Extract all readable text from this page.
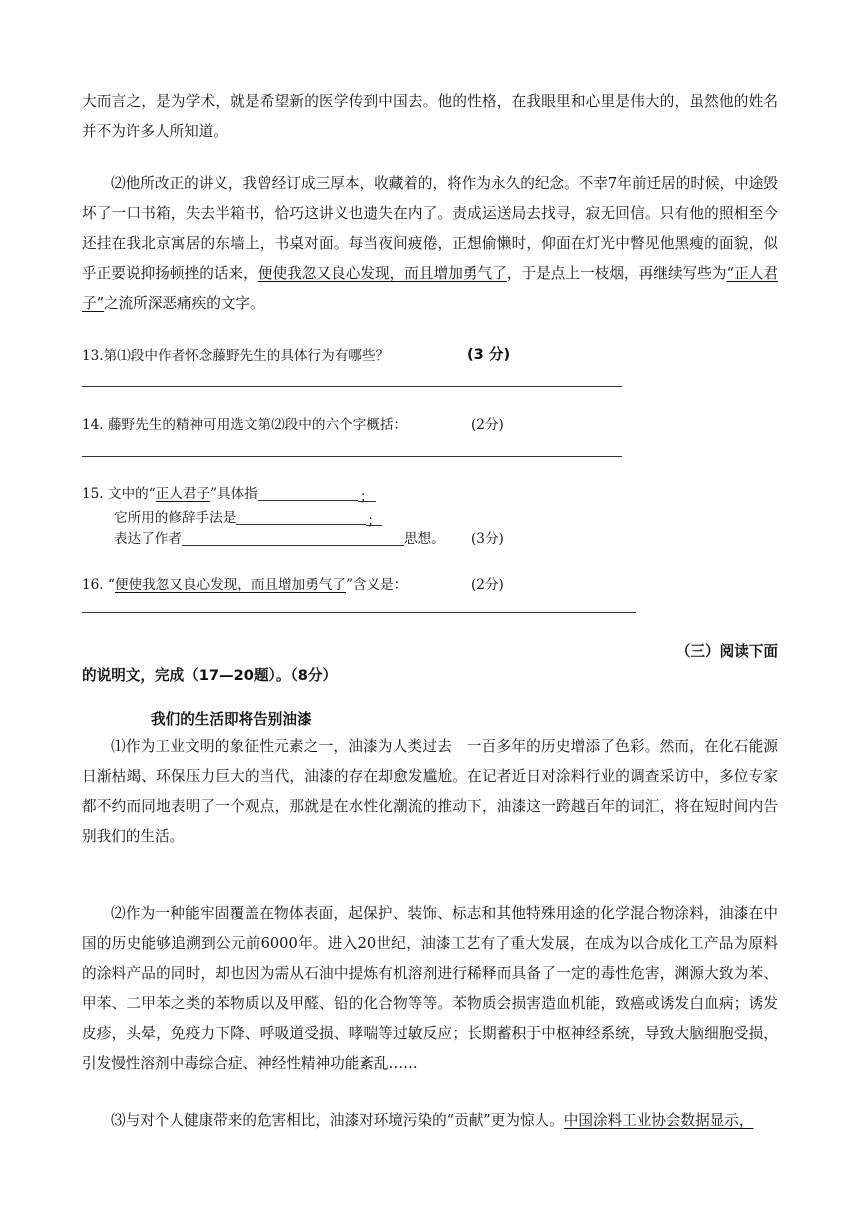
大而言之，是为学术，就是希望新的医学传到中国去。他的性格，在我眼里和心里是伟大的，虽然他的姓名并不为许多人所知道。

⑵他所改正的讲义，我曾经订成三厚本，收藏着的，将作为永久的纪念。不幸7年前迁居的时候，中途毁坏了一口书箱，失去半箱书，恰巧这讲义也遗失在内了。责成运送局去找寻，寂无回信。只有他的照相至今还挂在我北京寓居的东墙上，书桌对面。每当夜间疲倦，正想偷懒时，仰面在灯光中瞥见他黑瘦的面貌，似乎正要说抑扬顿挫的话来，便使我忽又良心发现，而且增加勇气了，于是点上一枝烟，再继续写些为“正人君子”之流所深恶痛疾的文字。

13.第⑴段中作者怀念藤野先生的具体行为有哪些？	(3 分)
14. 藤野先生的精神可用选文第⑵段中的六个字概括：	(2分)
15. 文中的“正人君子”具体指	；
它所用的修辞手法是	；
表达了作者	思想。 (3分)
16. “便使我忽又良心发现，而且增加勇气了”含义是：	(2分)
（三）阅读下面
的说明文，完成（17—20题）。（8分）
我们的生活即将告别油漆

⑴作为工业文明的象征性元素之一，油漆为人类过去　一百多年的历史增添了色彩。然而，在化石能源日渐枯竭、环保压力巨大的当代，油漆的存在却愈发尴尬。在记者近日对涂料行业的调查采访中，多位专家都不约而同地表明了一个观点，那就是在水性化潮流的推动下，油漆这一跨越百年的词汇，将在短时间内告别我们的生活。

⑵作为一种能牢固覆盖在物体表面，起保护、装饰、标志和其他特殊用途的化学混合物涂料，油漆在中国的历史能够追溯到公元前6000年。进入20世纪，油漆工艺有了重大发展，在成为以合成化工产品为原料的涂料产品的同时，却也因为需从石油中提炼有机溶剂进行稀释而具备了一定的毒性危害，渊源大致为苯、甲苯、二甲苯之类的苯物质以及甲醛、铅的化合物等等。苯物质会损害造血机能，致癌或诱发白血病；诱发皮疹，头晕，免疫力下降、呼吸道受损、哮喘等过敏反应；长期蓄积于中枢神经系统，导致大脑细胞受损，引发慢性溶剂中毒综合症、神经性精神功能紊乱……

⑶与对个人健康带来的危害相比，油漆对环境污染的“贡献”更为惊人。中国涂料工业协会数据显示，
